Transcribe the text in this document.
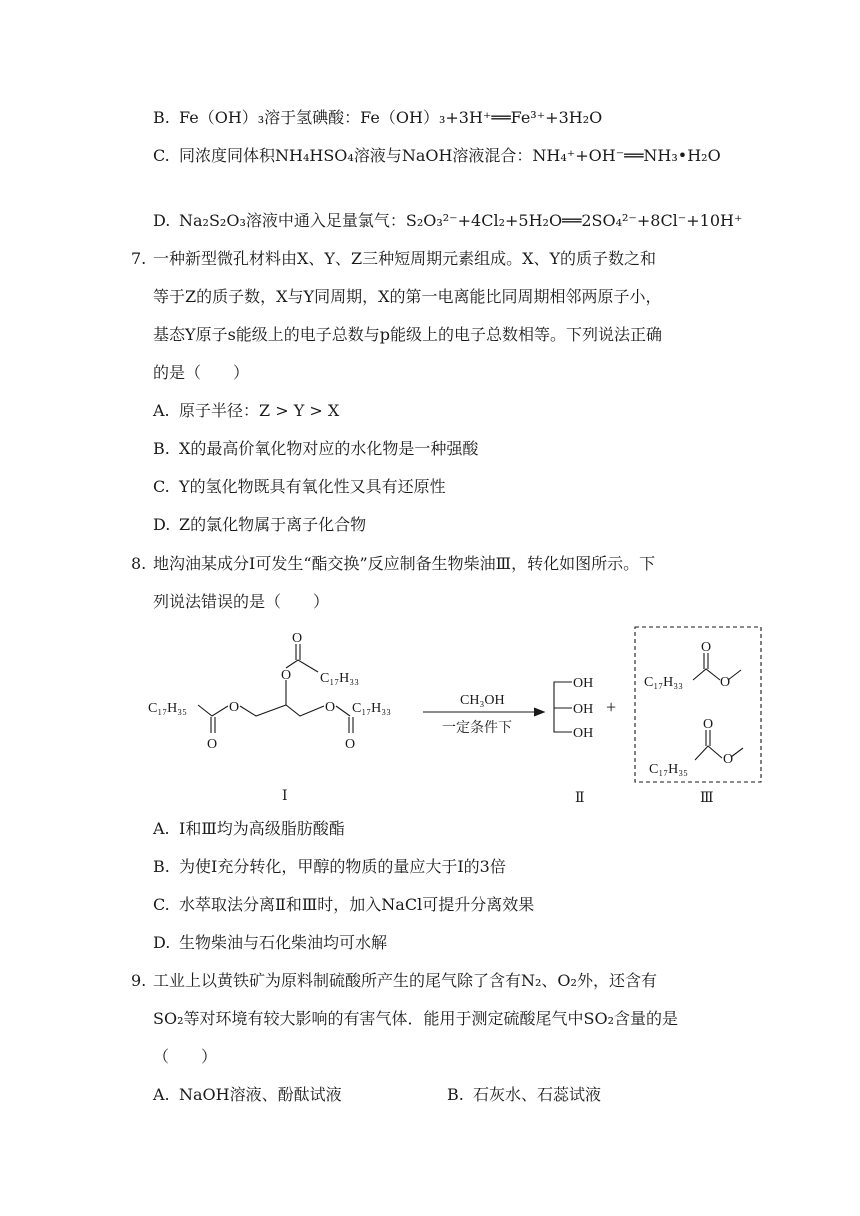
B. Fe（OH）₃溶于氢碘酸：Fe（OH）₃+3H⁺══Fe³⁺+3H₂O
C. 同浓度同体积NH₄HSO₄溶液与NaOH溶液混合：NH₄⁺+OH⁻══NH₃•H₂O
D. Na₂S₂O₃溶液中通入足量氯气：S₂O₃²⁻+4Cl₂+5H₂O══2SO₄²⁻+8Cl⁻+10H⁺
7. 一种新型微孔材料由X、Y、Z三种短周期元素组成。X、Y的质子数之和
等于Z的质子数，X与Y同周期，X的第一电离能比同周期相邻两原子小，
基态Y原子s能级上的电子总数与p能级上的电子总数相等。下列说法正确
的是（　　）
A. 原子半径：Z > Y > X
B. X的最高价氧化物对应的水化物是一种强酸
C. Y的氢化物既具有氧化性又具有还原性
D. Z的氯化物属于离子化合物
8. 地沟油某成分Ⅰ可发生“酯交换”反应制备生物柴油Ⅲ，转化如图所示。下
列说法错误的是（　　）
C₁₇H₃₅	O	O
O
O	O
O
C₁₇H₃₃
C₁₇H₃₃
CH₃OH
一定条件下
OH
OH
OH
+
C₁₇H₃₃
O
O
O
C₁₇H₃₅
O
Ⅰ	Ⅱ	Ⅲ
A. Ⅰ和Ⅲ均为高级脂肪酸酯
B. 为使Ⅰ充分转化，甲醇的物质的量应大于Ⅰ的3倍
C. 水萃取法分离Ⅱ和Ⅲ时，加入NaCl可提升分离效果
D. 生物柴油与石化柴油均可水解
9. 工业上以黄铁矿为原料制硫酸所产生的尾气除了含有N₂、O₂外，还含有
SO₂等对环境有较大影响的有害气体．能用于测定硫酸尾气中SO₂含量的是
（　　）
A. NaOH溶液、酚酞试液	B. 石灰水、石蕊试液
